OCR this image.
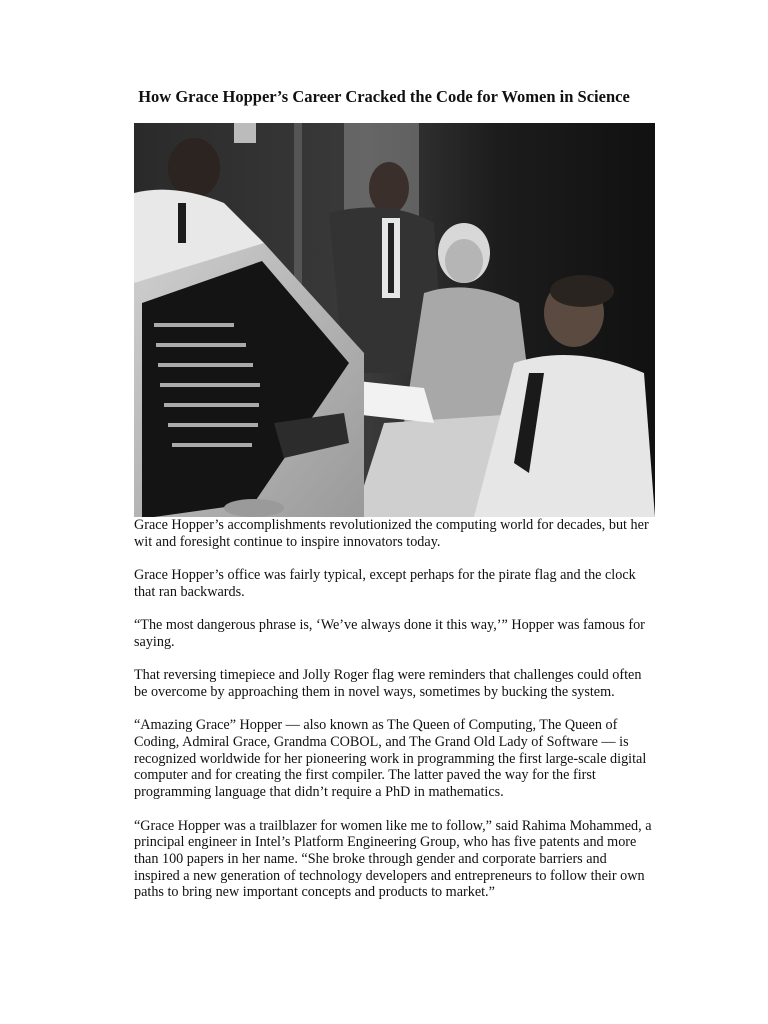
How Grace Hopper’s Career Cracked the Code for Women in Science

Grace Hopper’s accomplishments revolutionized the computing world for decades, but her wit and foresight continue to inspire innovators today.

Grace Hopper’s office was fairly typical, except perhaps for the pirate flag and the clock that ran backwards.

“The most dangerous phrase is, ‘We’ve always done it this way,’” Hopper was famous for saying.

That reversing timepiece and Jolly Roger flag were reminders that challenges could often be overcome by approaching them in novel ways, sometimes by bucking the system.

“Amazing Grace” Hopper — also known as The Queen of Computing, The Queen of Coding, Admiral Grace, Grandma COBOL, and The Grand Old Lady of Software — is recognized worldwide for her pioneering work in programming the first large-scale digital computer and for creating the first compiler. The latter paved the way for the first programming language that didn’t require a PhD in mathematics.

“Grace Hopper was a trailblazer for women like me to follow,” said Rahima Mohammed, a principal engineer in Intel’s Platform Engineering Group, who has five patents and more than 100 papers in her name. “She broke through gender and corporate barriers and inspired a new generation of technology developers and entrepreneurs to follow their own paths to bring new important concepts and products to market.”
